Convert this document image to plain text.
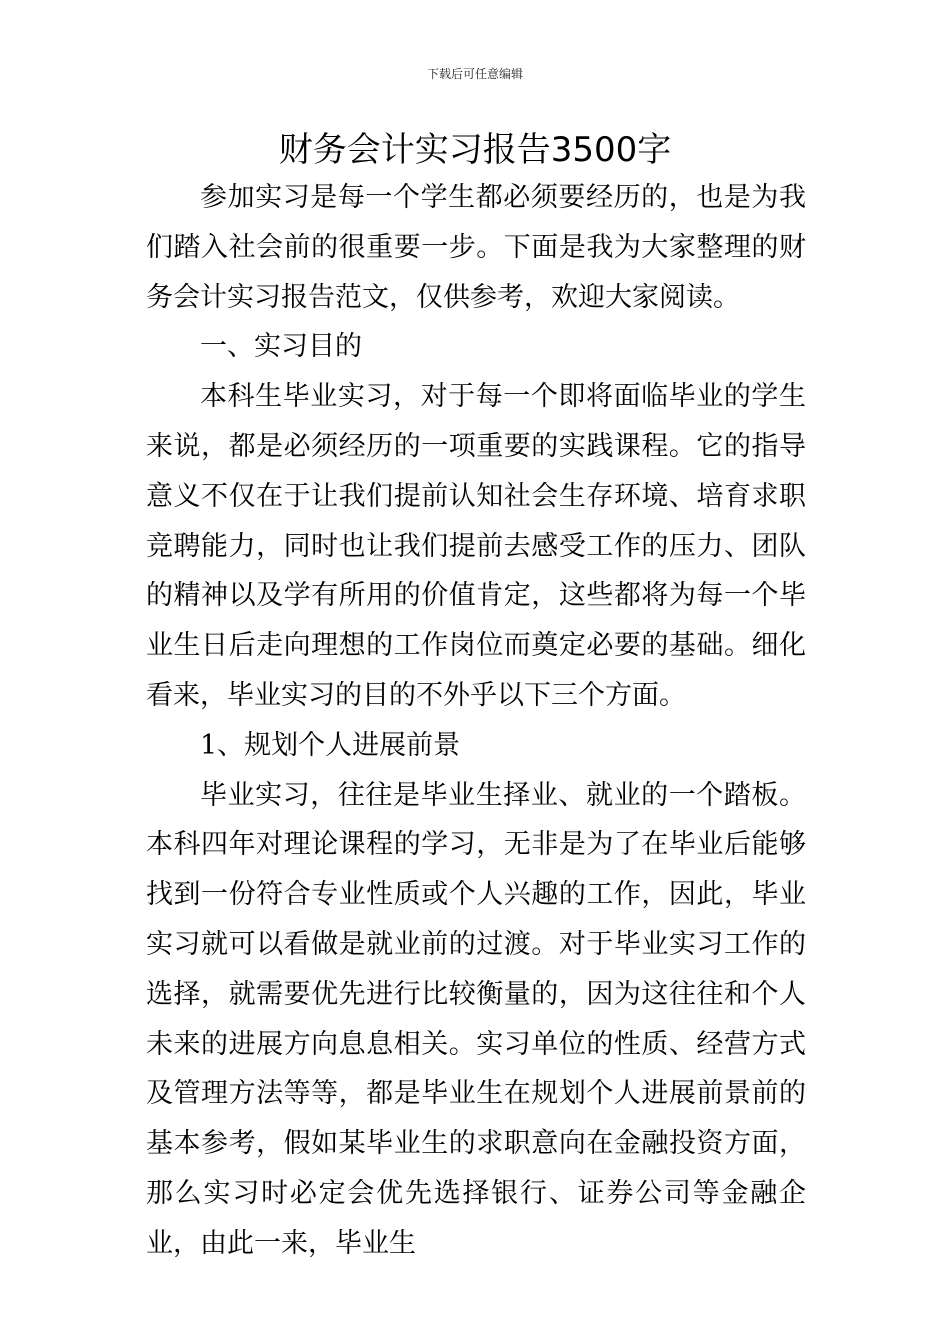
下载后可任意编辑
财务会计实习报告3500字

参加实习是每一个学生都必须要经历的，也是为我们踏入社会前的很重要一步。下面是我为大家整理的财务会计实习报告范文，仅供参考，欢迎大家阅读。

一、实习目的

本科生毕业实习，对于每一个即将面临毕业的学生来说，都是必须经历的一项重要的实践课程。它的指导意义不仅在于让我们提前认知社会生存环境、培育求职竞聘能力，同时也让我们提前去感受工作的压力、团队的精神以及学有所用的价值肯定，这些都将为每一个毕业生日后走向理想的工作岗位而奠定必要的基础。细化看来，毕业实习的目的不外乎以下三个方面。

1、规划个人进展前景

毕业实习，往往是毕业生择业、就业的一个踏板。本科四年对理论课程的学习，无非是为了在毕业后能够找到一份符合专业性质或个人兴趣的工作，因此，毕业实习就可以看做是就业前的过渡。对于毕业实习工作的选择，就需要优先进行比较衡量的，因为这往往和个人未来的进展方向息息相关。实习单位的性质、经营方式及管理方法等等，都是毕业生在规划个人进展前景前的基本参考，假如某毕业生的求职意向在金融投资方面，那么实习时必定会优先选择银行、证券公司等金融企业，由此一来，毕业生
